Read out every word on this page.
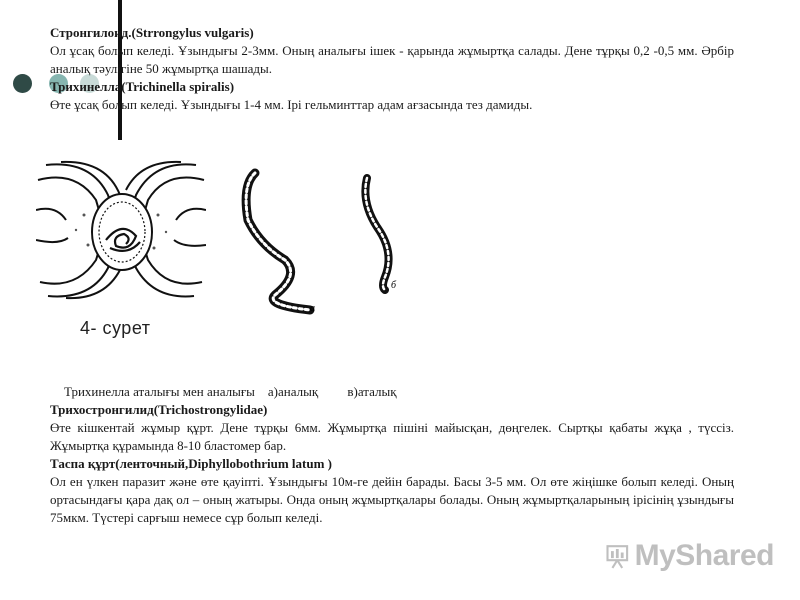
Стронгилоид.(Strrongylus vulgaris)

Ол ұсақ болып келеді. Ұзындығы 2-3мм. Оның аналығы ішек - қарында жұмыртқа салады. Дене тұрқы 0,2 -0,5 мм. Әрбір аналық тәулігіне 50 жұмыртқа шашады.

Трихинелла(Trichinella spiralis)

Өте ұсақ болып келеді. Ұзындығы 1-4 мм. Ірі гельминттар адам ағзасында тез дамиды.

а
б
4- сурет

Трихинелла аталығы мен аналығы    а)аналық         в)аталық

Трихостронгилид(Trichostrongylidae)

Өте кішкентай жұмыр құрт. Дене тұрқы 6мм. Жұмыртқа пішіні майысқан, дөңгелек. Сыртқы қабаты жұқа , түссіз. Жұмыртқа құрамында 8-10 бластомер бар.

Таспа құрт(ленточный,Diphyllobothrium latum )

Ол ен үлкен паразит және өте қауіпті. Ұзындығы 10м-ге дейін барады. Басы 3-5 мм. Ол өте жіңішке болып келеді. Оның ортасындағы қара дақ ол – оның жатыры. Онда оның жұмыртқалары болады. Оның жұмыртқаларының ірісінің ұзындығы 75мкм. Түстері сарғыш немесе сұр болып келеді.

MyShared
